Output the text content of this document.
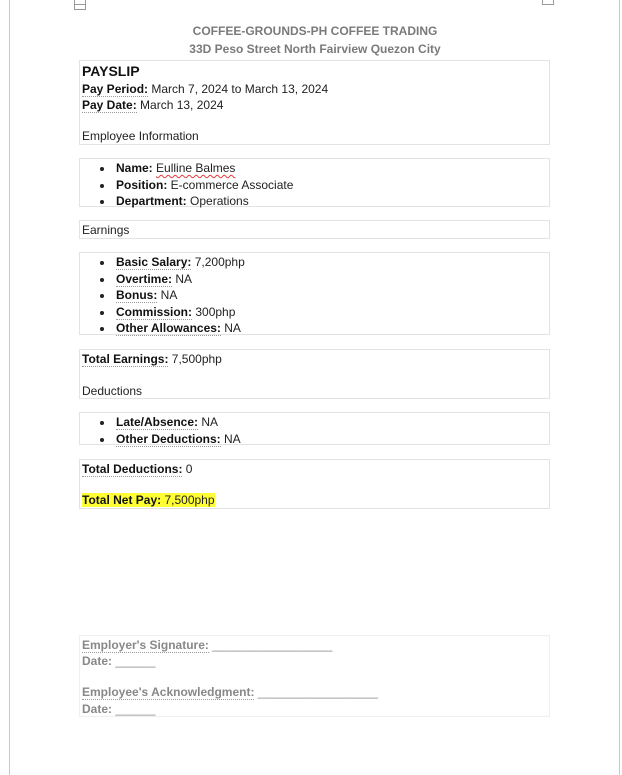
COFFEE-GROUNDS-PH COFFEE TRADING
33D Peso Street North Fairview Quezon City
PAYSLIP
Pay Period: March 7, 2024 to March 13, 2024
Pay Date: March 13, 2024
Employee Information
Name: Eulline Balmes
Position: E-commerce Associate
Department: Operations
Earnings
Basic Salary: 7,200php
Overtime: NA
Bonus: NA
Commission: 300php
Other Allowances: NA
Total Earnings: 7,500php
Deductions
Late/Absence: NA
Other Deductions: NA
Total Deductions: 0
Total Net Pay: 7,500php
Employer's Signature: __________________
Date: ______
Employee's Acknowledgment: __________________
Date: ______
